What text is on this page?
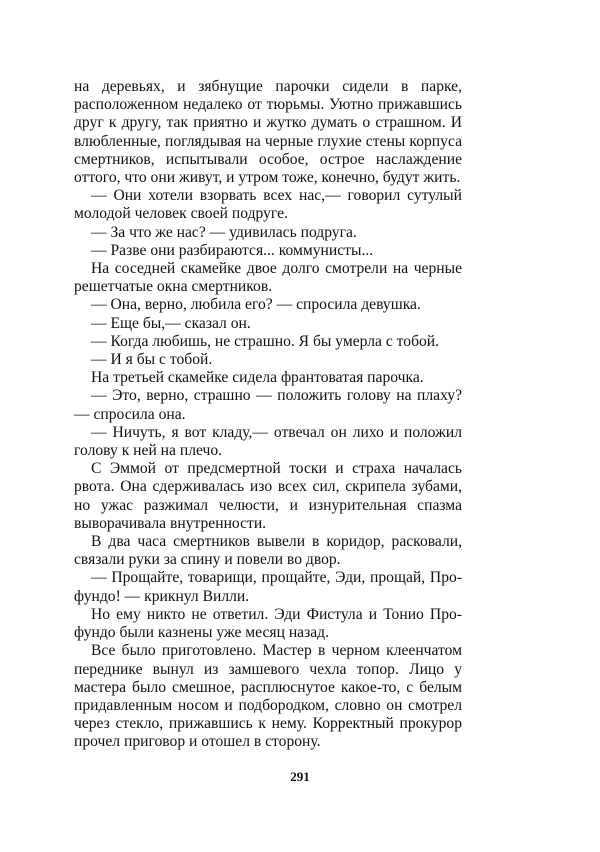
на деревьях, и зябнущие парочки сидели в парке, расположенном недалеко от тюрьмы. Уютно прижавшись друг к другу, так приятно и жутко думать о страшном. И влюбленные, поглядывая на черные глухие стены корпуса смертников, испытывали особое, острое наслаждение оттого, что они живут, и утром тоже, конечно, будут жить.

— Они хотели взорвать всех нас,— говорил сутулый молодой человек своей подруге.

— За что же нас? — удивилась подруга.

— Разве они разбираются... коммунисты...

На соседней скамейке двое долго смотрели на черные решетчатые окна смертников.

— Она, верно, любила его? — спросила девушка.

— Еще бы,— сказал он.

— Когда любишь, не страшно. Я бы умерла с тобой.

— И я бы с тобой.

На третьей скамейке сидела франтоватая парочка.

— Это, верно, страшно — положить голову на плаху? — спросила она.

— Ничуть, я вот кладу,— отвечал он лихо и положил голову к ней на плечо.

С Эммой от предсмертной тоски и страха началась рвота. Она сдерживалась изо всех сил, скрипела зубами, но ужас разжимал челюсти, и изнурительная спазма выворачивала внутренности.

В два часа смертников вывели в коридор, расковали, связали руки за спину и повели во двор.

— Прощайте, товарищи, прощайте, Эди, прощай, Профундо! — крикнул Вилли.

Но ему никто не ответил. Эди Фистула и Тонио Профундо были казнены уже месяц назад.

Все было приготовлено. Мастер в черном клеенчатом переднике вынул из замшевого чехла топор. Лицо у мастера было смешное, расплюснутое какое-то, с белым придавленным носом и подбородком, словно он смотрел через стекло, прижавшись к нему. Корректный прокурор прочел приговор и отошел в сторону.

291
